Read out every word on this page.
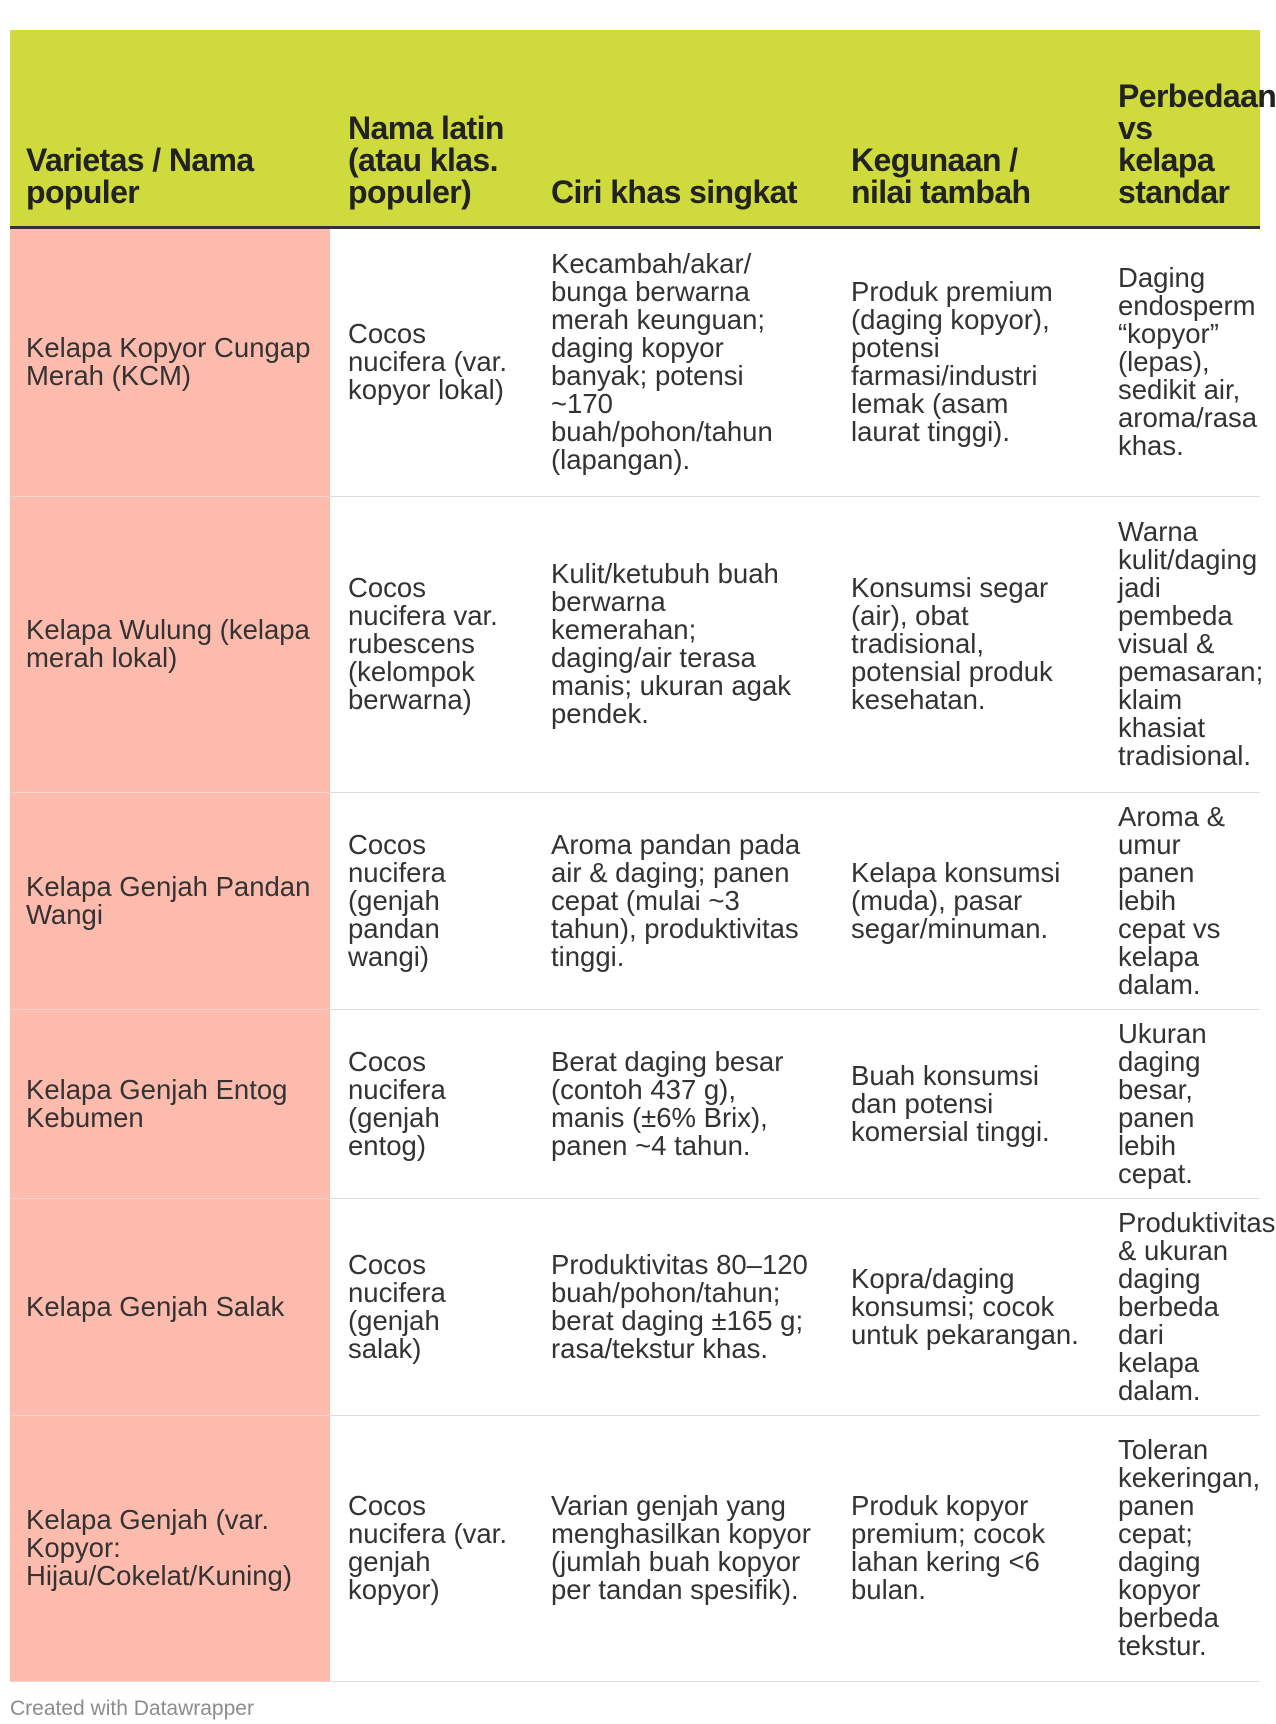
Varietas / Nama populer	Nama latin (atau klas. populer)	Ciri khas singkat	Kegunaan / nilai tambah	Perbedaan vs kelapa standar
Kelapa Kopyor Cungap Merah (KCM)	Cocos nucifera (var. kopyor lokal)	Kecambah/akar/ bunga berwarna merah keunguan; daging kopyor banyak; potensi ~170 buah/pohon/tahun (lapangan).	Produk premium (daging kopyor), potensi farmasi/industri lemak (asam laurat tinggi).	Daging endosperm “kopyor” (lepas), sedikit air, aroma/rasa khas.
Kelapa Wulung (kelapa merah lokal)	Cocos nucifera var. rubescens (kelompok berwarna)	Kulit/ketubuh buah berwarna kemerahan; daging/air terasa manis; ukuran agak pendek.	Konsumsi segar (air), obat tradisional, potensial produk kesehatan.	Warna kulit/daging jadi pembeda visual & pemasaran; klaim khasiat tradisional.
Kelapa Genjah Pandan Wangi	Cocos nucifera (genjah pandan wangi)	Aroma pandan pada air & daging; panen cepat (mulai ~3 tahun), produktivitas tinggi.	Kelapa konsumsi (muda), pasar segar/minuman.	Aroma & umur panen lebih cepat vs kelapa dalam.
Kelapa Genjah Entog Kebumen	Cocos nucifera (genjah entog)	Berat daging besar (contoh 437 g), manis (±6% Brix), panen ~4 tahun.	Buah konsumsi dan potensi komersial tinggi.	Ukuran daging besar, panen lebih cepat.
Kelapa Genjah Salak	Cocos nucifera (genjah salak)	Produktivitas 80–120 buah/pohon/tahun; berat daging ±165 g; rasa/tekstur khas.	Kopra/daging konsumsi; cocok untuk pekarangan.	Produktivitas & ukuran daging berbeda dari kelapa dalam.
Kelapa Genjah (var. Kopyor: Hijau/Cokelat/Kuning)	Cocos nucifera (var. genjah kopyor)	Varian genjah yang menghasilkan kopyor (jumlah buah kopyor per tandan spesifik).	Produk kopyor premium; cocok lahan kering <6 bulan.	Toleran kekeringan, panen cepat; daging kopyor berbeda tekstur.
Created with Datawrapper
